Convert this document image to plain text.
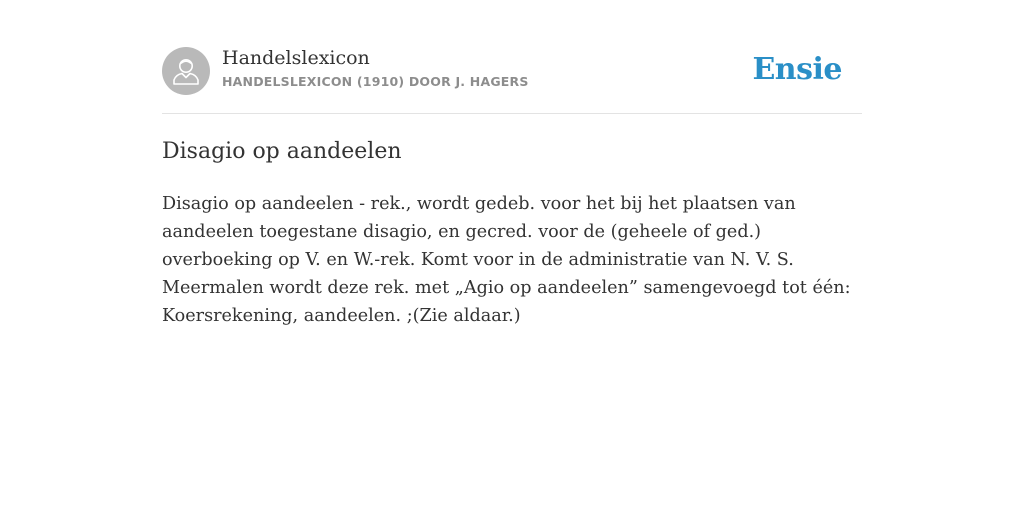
Handelslexicon
HANDELSLEXICON (1910) DOOR J. HAGERS	Ensie
Disagio op aandeelen

Disagio op aandeelen - rek., wordt gedeb. voor het bij het plaatsen van aandeelen toegestane disagio, en gecred. voor de (geheele of ged.) overboeking op V. en W.-rek. Komt voor in de administratie van N. V. S. Meermalen wordt deze rek. met „Agio op aandeelen” samengevoegd tot één: Koersrekening, aandeelen. ;(Zie aldaar.)
